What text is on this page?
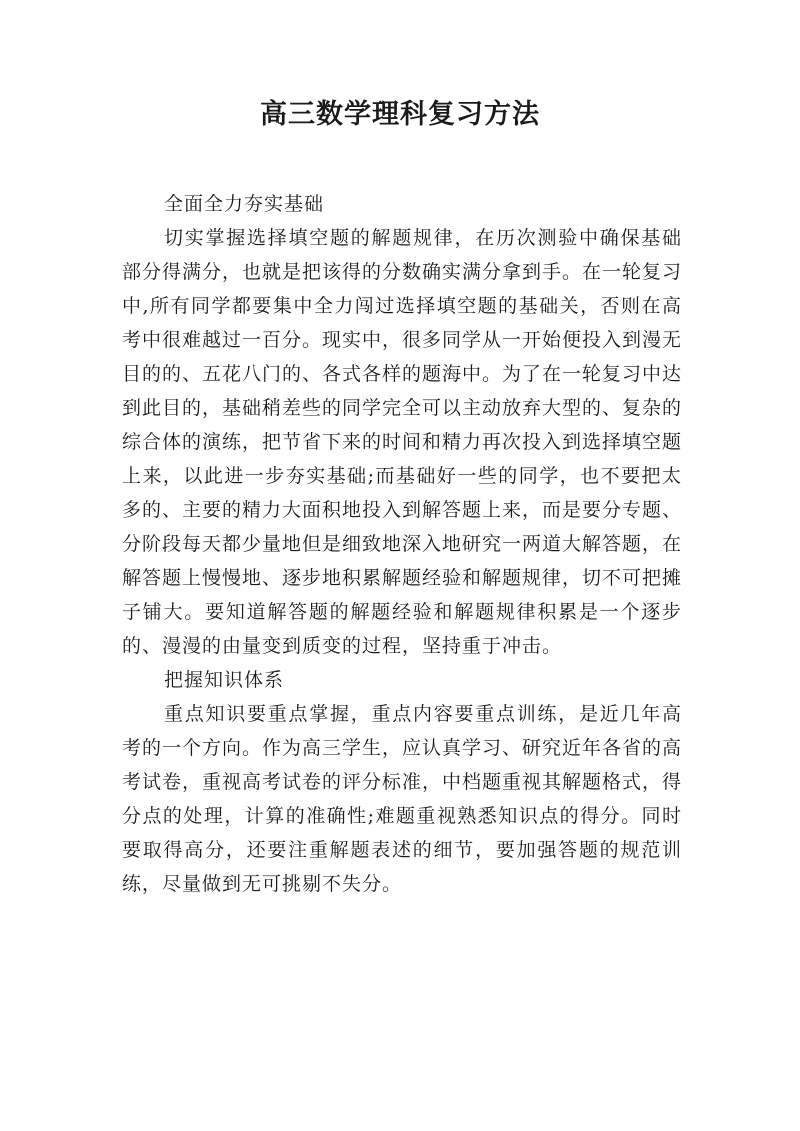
高三数学理科复习方法

全面全力夯实基础

切实掌握选择填空题的解题规律，在历次测验中确保基础部分得满分，也就是把该得的分数确实满分拿到手。在一轮复习中,所有同学都要集中全力闯过选择填空题的基础关，否则在高考中很难越过一百分。现实中，很多同学从一开始便投入到漫无目的的、五花八门的、各式各样的题海中。为了在一轮复习中达到此目的，基础稍差些的同学完全可以主动放弃大型的、复杂的综合体的演练，把节省下来的时间和精力再次投入到选择填空题上来，以此进一步夯实基础;而基础好一些的同学，也不要把太多的、主要的精力大面积地投入到解答题上来，而是要分专题、分阶段每天都少量地但是细致地深入地研究一两道大解答题，在解答题上慢慢地、逐步地积累解题经验和解题规律，切不可把摊子铺大。要知道解答题的解题经验和解题规律积累是一个逐步的、漫漫的由量变到质变的过程，坚持重于冲击。

把握知识体系

重点知识要重点掌握，重点内容要重点训练，是近几年高考的一个方向。作为高三学生，应认真学习、研究近年各省的高考试卷，重视高考试卷的评分标准，中档题重视其解题格式，得分点的处理，计算的准确性;难题重视熟悉知识点的得分。同时要取得高分，还要注重解题表述的细节，要加强答题的规范训练，尽量做到无可挑剔不失分。
